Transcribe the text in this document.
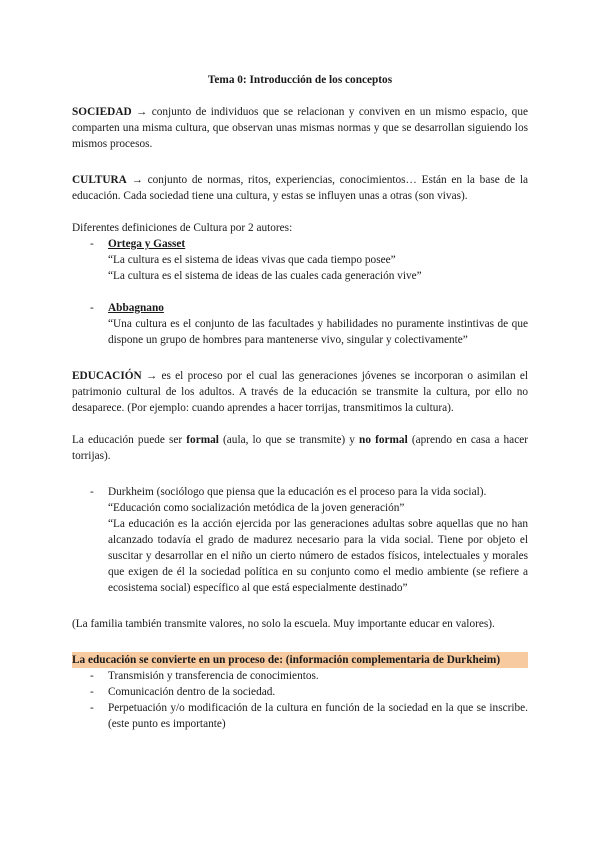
Tema 0: Introducción de los conceptos

SOCIEDAD → conjunto de individuos que se relacionan y conviven en un mismo espacio, que comparten una misma cultura, que observan unas mismas normas y que se desarrollan siguiendo los mismos procesos.

CULTURA → conjunto de normas, ritos, experiencias, conocimientos… Están en la base de la educación. Cada sociedad tiene una cultura, y estas se influyen unas a otras (son vivas).

Diferentes definiciones de Cultura por 2 autores:

- Ortega y Gasset
“La cultura es el sistema de ideas vivas que cada tiempo posee”
“La cultura es el sistema de ideas de las cuales cada generación vive”
- Abbagnano

“Una cultura es el conjunto de las facultades y habilidades no puramente instintivas de que dispone un grupo de hombres para mantenerse vivo, singular y colectivamente”

EDUCACIÓN → es el proceso por el cual las generaciones jóvenes se incorporan o asimilan el patrimonio cultural de los adultos. A través de la educación se transmite la cultura, por ello no desaparece. (Por ejemplo: cuando aprendes a hacer torrijas, transmitimos la cultura).

La educación puede ser formal (aula, lo que se transmite) y no formal (aprendo en casa a hacer torrijas).

- Durkheim (sociólogo que piensa que la educación es el proceso para la vida social).
“Educación como socialización metódica de la joven generación”

“La educación es la acción ejercida por las generaciones adultas sobre aquellas que no han alcanzado todavía el grado de madurez necesario para la vida social. Tiene por objeto el suscitar y desarrollar en el niño un cierto número de estados físicos, intelectuales y morales que exigen de él la sociedad política en su conjunto como el medio ambiente (se refiere a ecosistema social) específico al que está especialmente destinado”

(La familia también transmite valores, no solo la escuela. Muy importante educar en valores).

La educación se convierte en un proceso de: (información complementaria de Durkheim)

- Transmisión y transferencia de conocimientos.
- Comunicación dentro de la sociedad.
- Perpetuación y/o modificación de la cultura en función de la sociedad en la que se inscribe. (este punto es importante)
